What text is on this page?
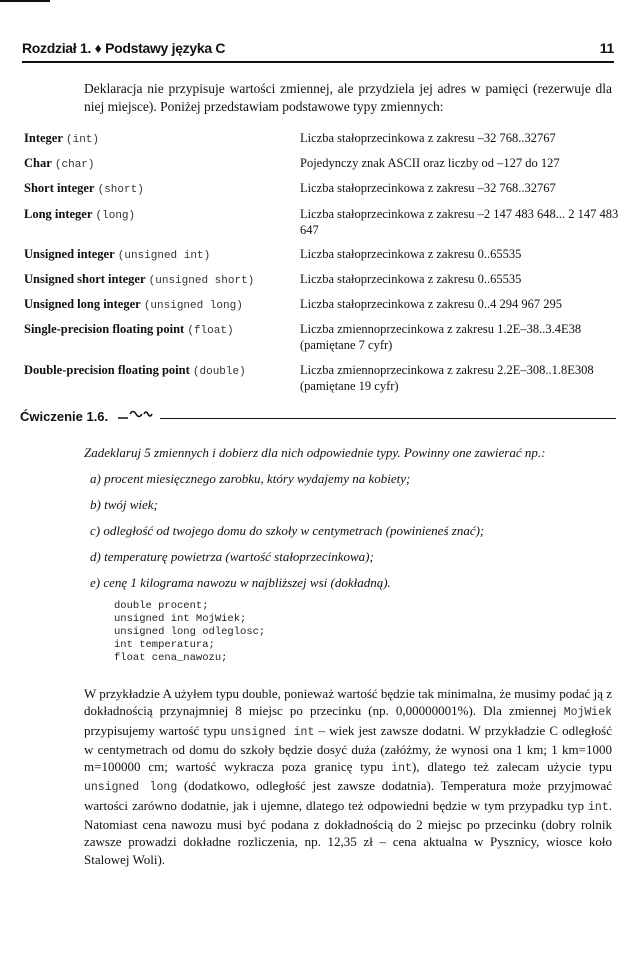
Rozdział 1. ♦ Podstawy języka C	11
Deklaracja nie przypisuje wartości zmiennej, ale przydziela jej adres w pamięci (rezerwuje dla niej miejsce). Poniżej przedstawiam podstawowe typy zmiennych:
Integer (int)	Liczba stałoprzecinkowa z zakresu –32 768..32767
Char (char)	Pojedynczy znak ASCII oraz liczby od –127 do 127
Short integer (short)	Liczba stałoprzecinkowa z zakresu –32 768..32767
Long integer (long)	Liczba stałoprzecinkowa z zakresu –2 147 483 648... 2 147 483 647
Unsigned integer (unsigned int)	Liczba stałoprzecinkowa z zakresu 0..65535
Unsigned short integer (unsigned short)	Liczba stałoprzecinkowa z zakresu 0..65535
Unsigned long integer (unsigned long)	Liczba stałoprzecinkowa z zakresu 0..4 294 967 295
Single-precision floating point (float)	Liczba zmiennoprzecinkowa z zakresu 1.2E–38..3.4E38 (pamiętane 7 cyfr)
Double-precision floating point (double)	Liczba zmiennoprzecinkowa z zakresu 2.2E–308..1.8E308 (pamiętane 19 cyfr)
Ćwiczenie 1.6.
Zadeklaruj 5 zmiennych i dobierz dla nich odpowiednie typy. Powinny one zawierać np.:
a) procent miesięcznego zarobku, który wydajemy na kobiety;
b) twój wiek;
c) odległość od twojego domu do szkoły w centymetrach (powinieneś znać);
d) temperaturę powietrza (wartość stałoprzecinkowa);
e) cenę 1 kilograma nawozu w najbliższej wsi (dokładną).
double procent;
unsigned int MojWiek;
unsigned long odleglosc;
int temperatura;
float cena_nawozu;
W przykładzie A użyłem typu double, ponieważ wartość będzie tak minimalna, że musimy podać ją z dokładnością przynajmniej 8 miejsc po przecinku (np. 0,00000001%). Dla zmiennej MojWiek przypisujemy wartość typu unsigned int – wiek jest zawsze dodatni. W przykładzie C odległość w centymetrach od domu do szkoły będzie dosyć duża (załóżmy, że wynosi ona 1 km; 1 km=1000 m=100000 cm; wartość wykracza poza granicę typu int), dlatego też zalecam użycie typu unsigned long (dodatkowo, odległość jest zawsze dodatnia). Temperatura może przyjmować wartości zarówno dodatnie, jak i ujemne, dlatego też odpowiedni będzie w tym przypadku typ int. Natomiast cena nawozu musi być podana z dokładnością do 2 miejsc po przecinku (dobry rolnik zawsze prowadzi dokładne rozliczenia, np. 12,35 zł – cena aktualna w Pysznicy, wiosce koło Stalowej Woli).
